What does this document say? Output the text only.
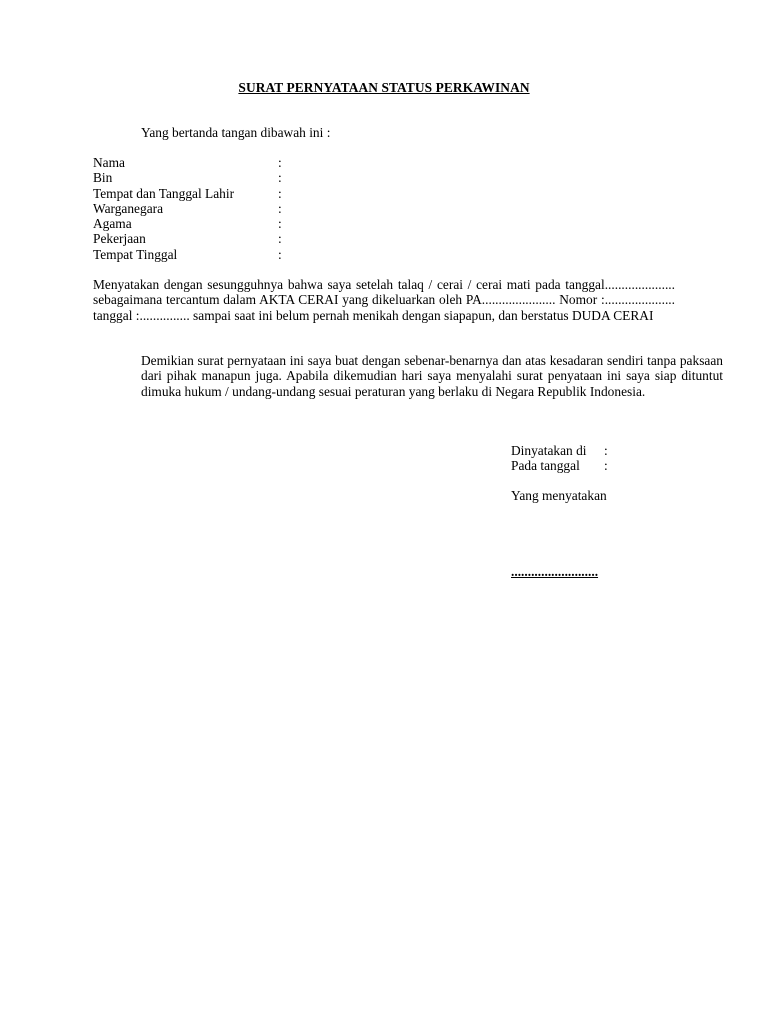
SURAT PERNYATAAN STATUS PERKAWINAN
Yang bertanda tangan dibawah ini :
Nama	:
Bin	:
Tempat dan Tanggal Lahir	:
Warganegara	:
Agama	:
Pekerjaan	:
Tempat Tinggal	:
Menyatakan dengan sesungguhnya bahwa saya setelah talaq / cerai / cerai mati pada tanggal..................... sebagaimana tercantum dalam AKTA CERAI yang dikeluarkan oleh PA...................... Nomor :..................... tanggal :............... sampai saat ini belum pernah menikah dengan siapapun, dan berstatus DUDA CERAI
Demikian surat pernyataan ini saya buat dengan sebenar-benarnya dan atas kesadaran sendiri tanpa paksaan dari pihak manapun juga. Apabila dikemudian hari saya menyalahi surat penyataan ini saya siap dituntut dimuka hukum / undang-undang sesuai peraturan yang berlaku di Negara Republik Indonesia.
Dinyatakan di :
Pada tanggal :
Yang menyatakan
..........................
